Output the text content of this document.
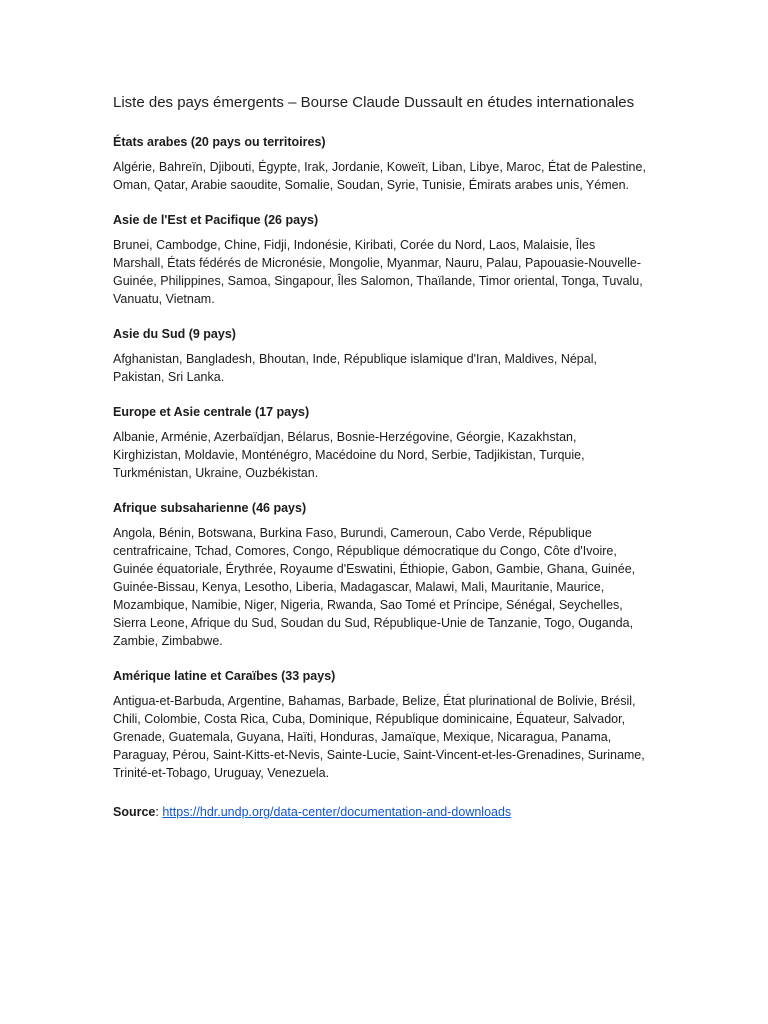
Liste des pays émergents – Bourse Claude Dussault en études internationales
États arabes (20 pays ou territoires)

Algérie, Bahreïn, Djibouti, Égypte, Irak, Jordanie, Koweït, Liban, Libye, Maroc, État de Palestine, Oman, Qatar, Arabie saoudite, Somalie, Soudan, Syrie, Tunisie, Émirats arabes unis, Yémen.

Asie de l'Est et Pacifique (26 pays)

Brunei, Cambodge, Chine, Fidji, Indonésie, Kiribati, Corée du Nord, Laos, Malaisie, Îles Marshall, États fédérés de Micronésie, Mongolie, Myanmar, Nauru, Palau, Papouasie-Nouvelle-Guinée, Philippines, Samoa, Singapour, Îles Salomon, Thaïlande, Timor oriental, Tonga, Tuvalu, Vanuatu, Vietnam.

Asie du Sud (9 pays)

Afghanistan, Bangladesh, Bhoutan, Inde, République islamique d'Iran, Maldives, Népal, Pakistan, Sri Lanka.

Europe et Asie centrale (17 pays)

Albanie, Arménie, Azerbaïdjan, Bélarus, Bosnie-Herzégovine, Géorgie, Kazakhstan, Kirghizistan, Moldavie, Monténégro, Macédoine du Nord, Serbie, Tadjikistan, Turquie, Turkménistan, Ukraine, Ouzbékistan.

Afrique subsaharienne (46 pays)

Angola, Bénin, Botswana, Burkina Faso, Burundi, Cameroun, Cabo Verde, République centrafricaine, Tchad, Comores, Congo, République démocratique du Congo, Côte d'Ivoire, Guinée équatoriale, Érythrée, Royaume d'Eswatini, Éthiopie, Gabon, Gambie, Ghana, Guinée, Guinée-Bissau, Kenya, Lesotho, Liberia, Madagascar, Malawi, Mali, Mauritanie, Maurice, Mozambique, Namibie, Niger, Nigeria, Rwanda, Sao Tomé et Príncipe, Sénégal, Seychelles, Sierra Leone, Afrique du Sud, Soudan du Sud, République-Unie de Tanzanie, Togo, Ouganda, Zambie, Zimbabwe.

Amérique latine et Caraïbes (33 pays)

Antigua-et-Barbuda, Argentine, Bahamas, Barbade, Belize, État plurinational de Bolivie, Brésil, Chili, Colombie, Costa Rica, Cuba, Dominique, République dominicaine, Équateur, Salvador, Grenade, Guatemala, Guyana, Haïti, Honduras, Jamaïque, Mexique, Nicaragua, Panama, Paraguay, Pérou, Saint-Kitts-et-Nevis, Sainte-Lucie, Saint-Vincent-et-les-Grenadines, Suriname, Trinité-et-Tobago, Uruguay, Venezuela.

Source: https://hdr.undp.org/data-center/documentation-and-downloads
